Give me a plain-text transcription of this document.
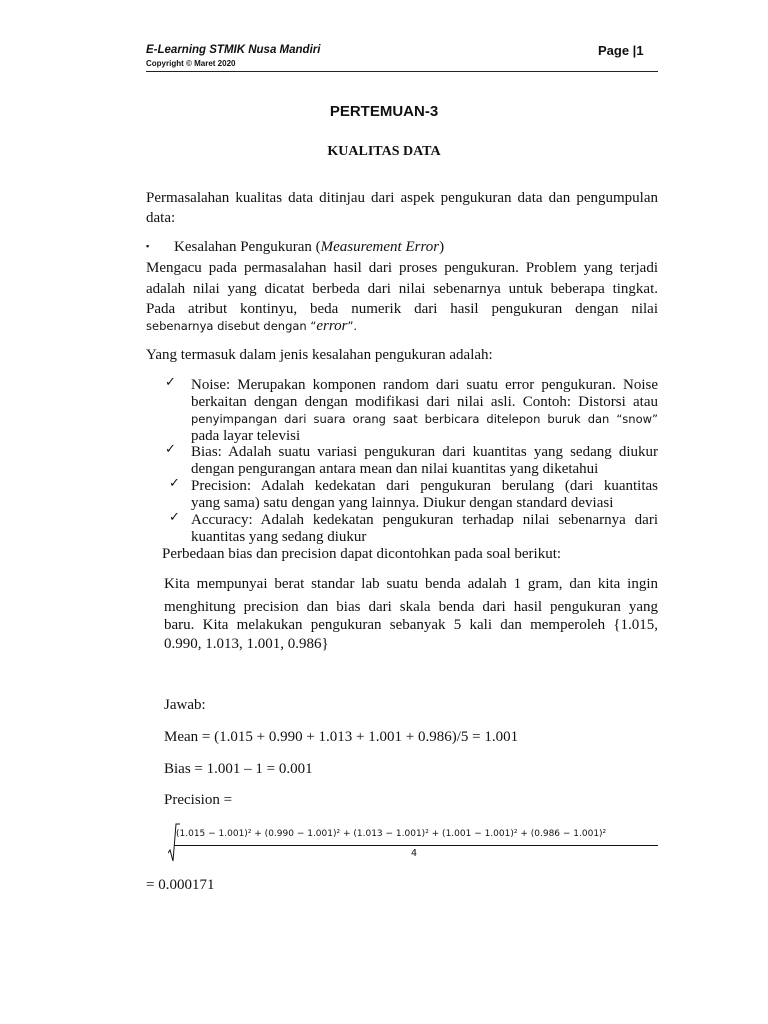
E-Learning STMIK Nusa Mandiri
Copyright © Maret 2020
Page |1
PERTEMUAN-3
KUALITAS DATA
Permasalahan kualitas data ditinjau dari aspek pengukuran data dan pengumpulan
data:
▪ Kesalahan Pengukuran (Measurement Error)
Mengacu pada permasalahan hasil dari proses pengukuran. Problem yang terjadi
adalah nilai yang dicatat berbeda dari nilai sebenarnya untuk beberapa tingkat.
Pada atribut kontinyu, beda numerik dari hasil pengukuran dengan nilai
sebenarnya disebut dengan “error”.
Yang termasuk dalam jenis kesalahan pengukuran adalah:
✓ Noise: Merupakan komponen random dari suatu error pengukuran. Noise
berkaitan dengan dengan modifikasi dari nilai asli. Contoh: Distorsi atau
penyimpangan dari suara orang saat berbicara ditelepon buruk dan “snow”
pada layar televisi
✓ Bias: Adalah suatu variasi pengukuran dari kuantitas yang sedang diukur
dengan pengurangan antara mean dan nilai kuantitas yang diketahui
✓ Precision: Adalah kedekatan dari pengukuran berulang (dari kuantitas
yang sama) satu dengan yang lainnya. Diukur dengan standard deviasi
✓ Accuracy: Adalah kedekatan pengukuran terhadap nilai sebenarnya dari
kuantitas yang sedang diukur
Perbedaan bias dan precision dapat dicontohkan pada soal berikut:
Kita mempunyai berat standar lab suatu benda adalah 1 gram, dan kita ingin
menghitung precision dan bias dari skala benda dari hasil pengukuran yang
baru. Kita melakukan pengukuran sebanyak 5 kali dan memperoleh {1.015,
0.990, 1.013, 1.001, 0.986}
Jawab:
Mean = (1.015 + 0.990 + 1.013 + 1.001 + 0.986)/5 = 1.001
Bias = 1.001 – 1 = 0.001
Precision =
(1.015 − 1.001)² + (0.990 − 1.001)² + (1.013 − 1.001)² + (1.001 − 1.001)² + (0.986 − 1.001)²
4
= 0.000171
